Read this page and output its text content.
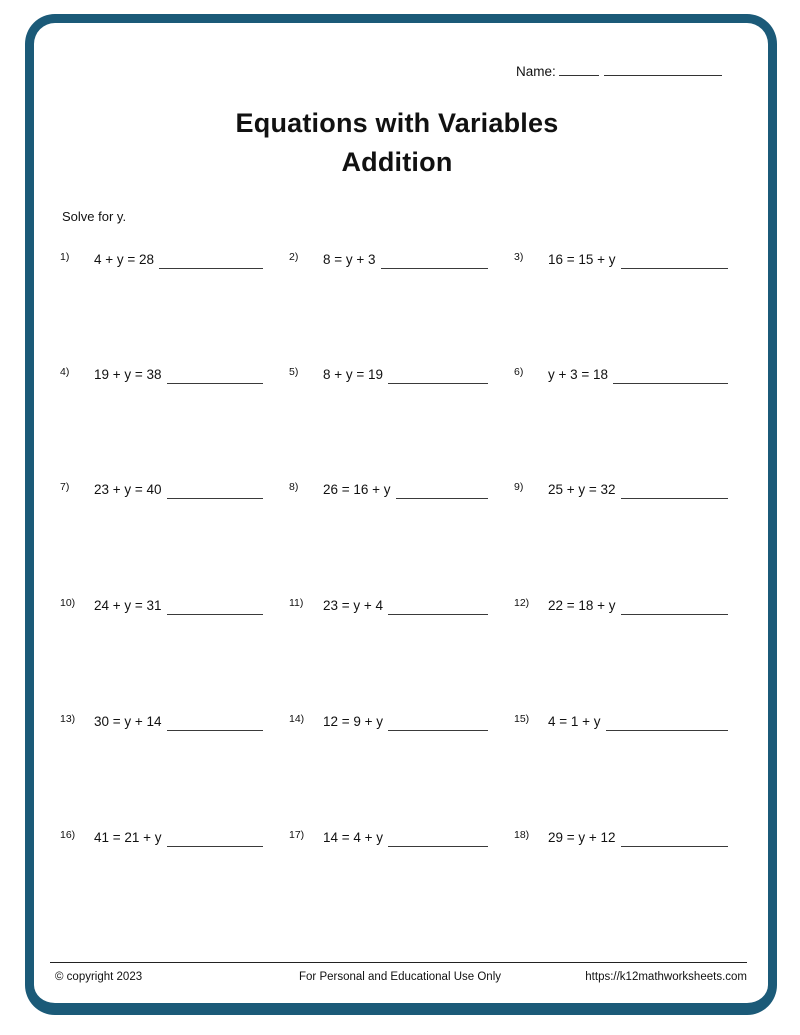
Name:
Equations with Variables
Addition
Solve for y.
1)	4 + y = 28	2)	8 = y + 3	3)	16 = 15 + y
4)	19 + y = 38	5)	8 + y = 19	6)	y + 3 = 18
7)	23 + y = 40	8)	26 = 16 + y	9)	25 + y = 32
10)	24 + y = 31	11)	23 = y + 4	12)	22 = 18 + y
13)	30 = y + 14	14)	12 = 9 + y	15)	4 = 1 + y
16)	41 = 21 + y	17)	14 = 4 + y	18)	29 = y + 12
© copyright 2023	For Personal and Educational Use Only	https://k12mathworksheets.com
